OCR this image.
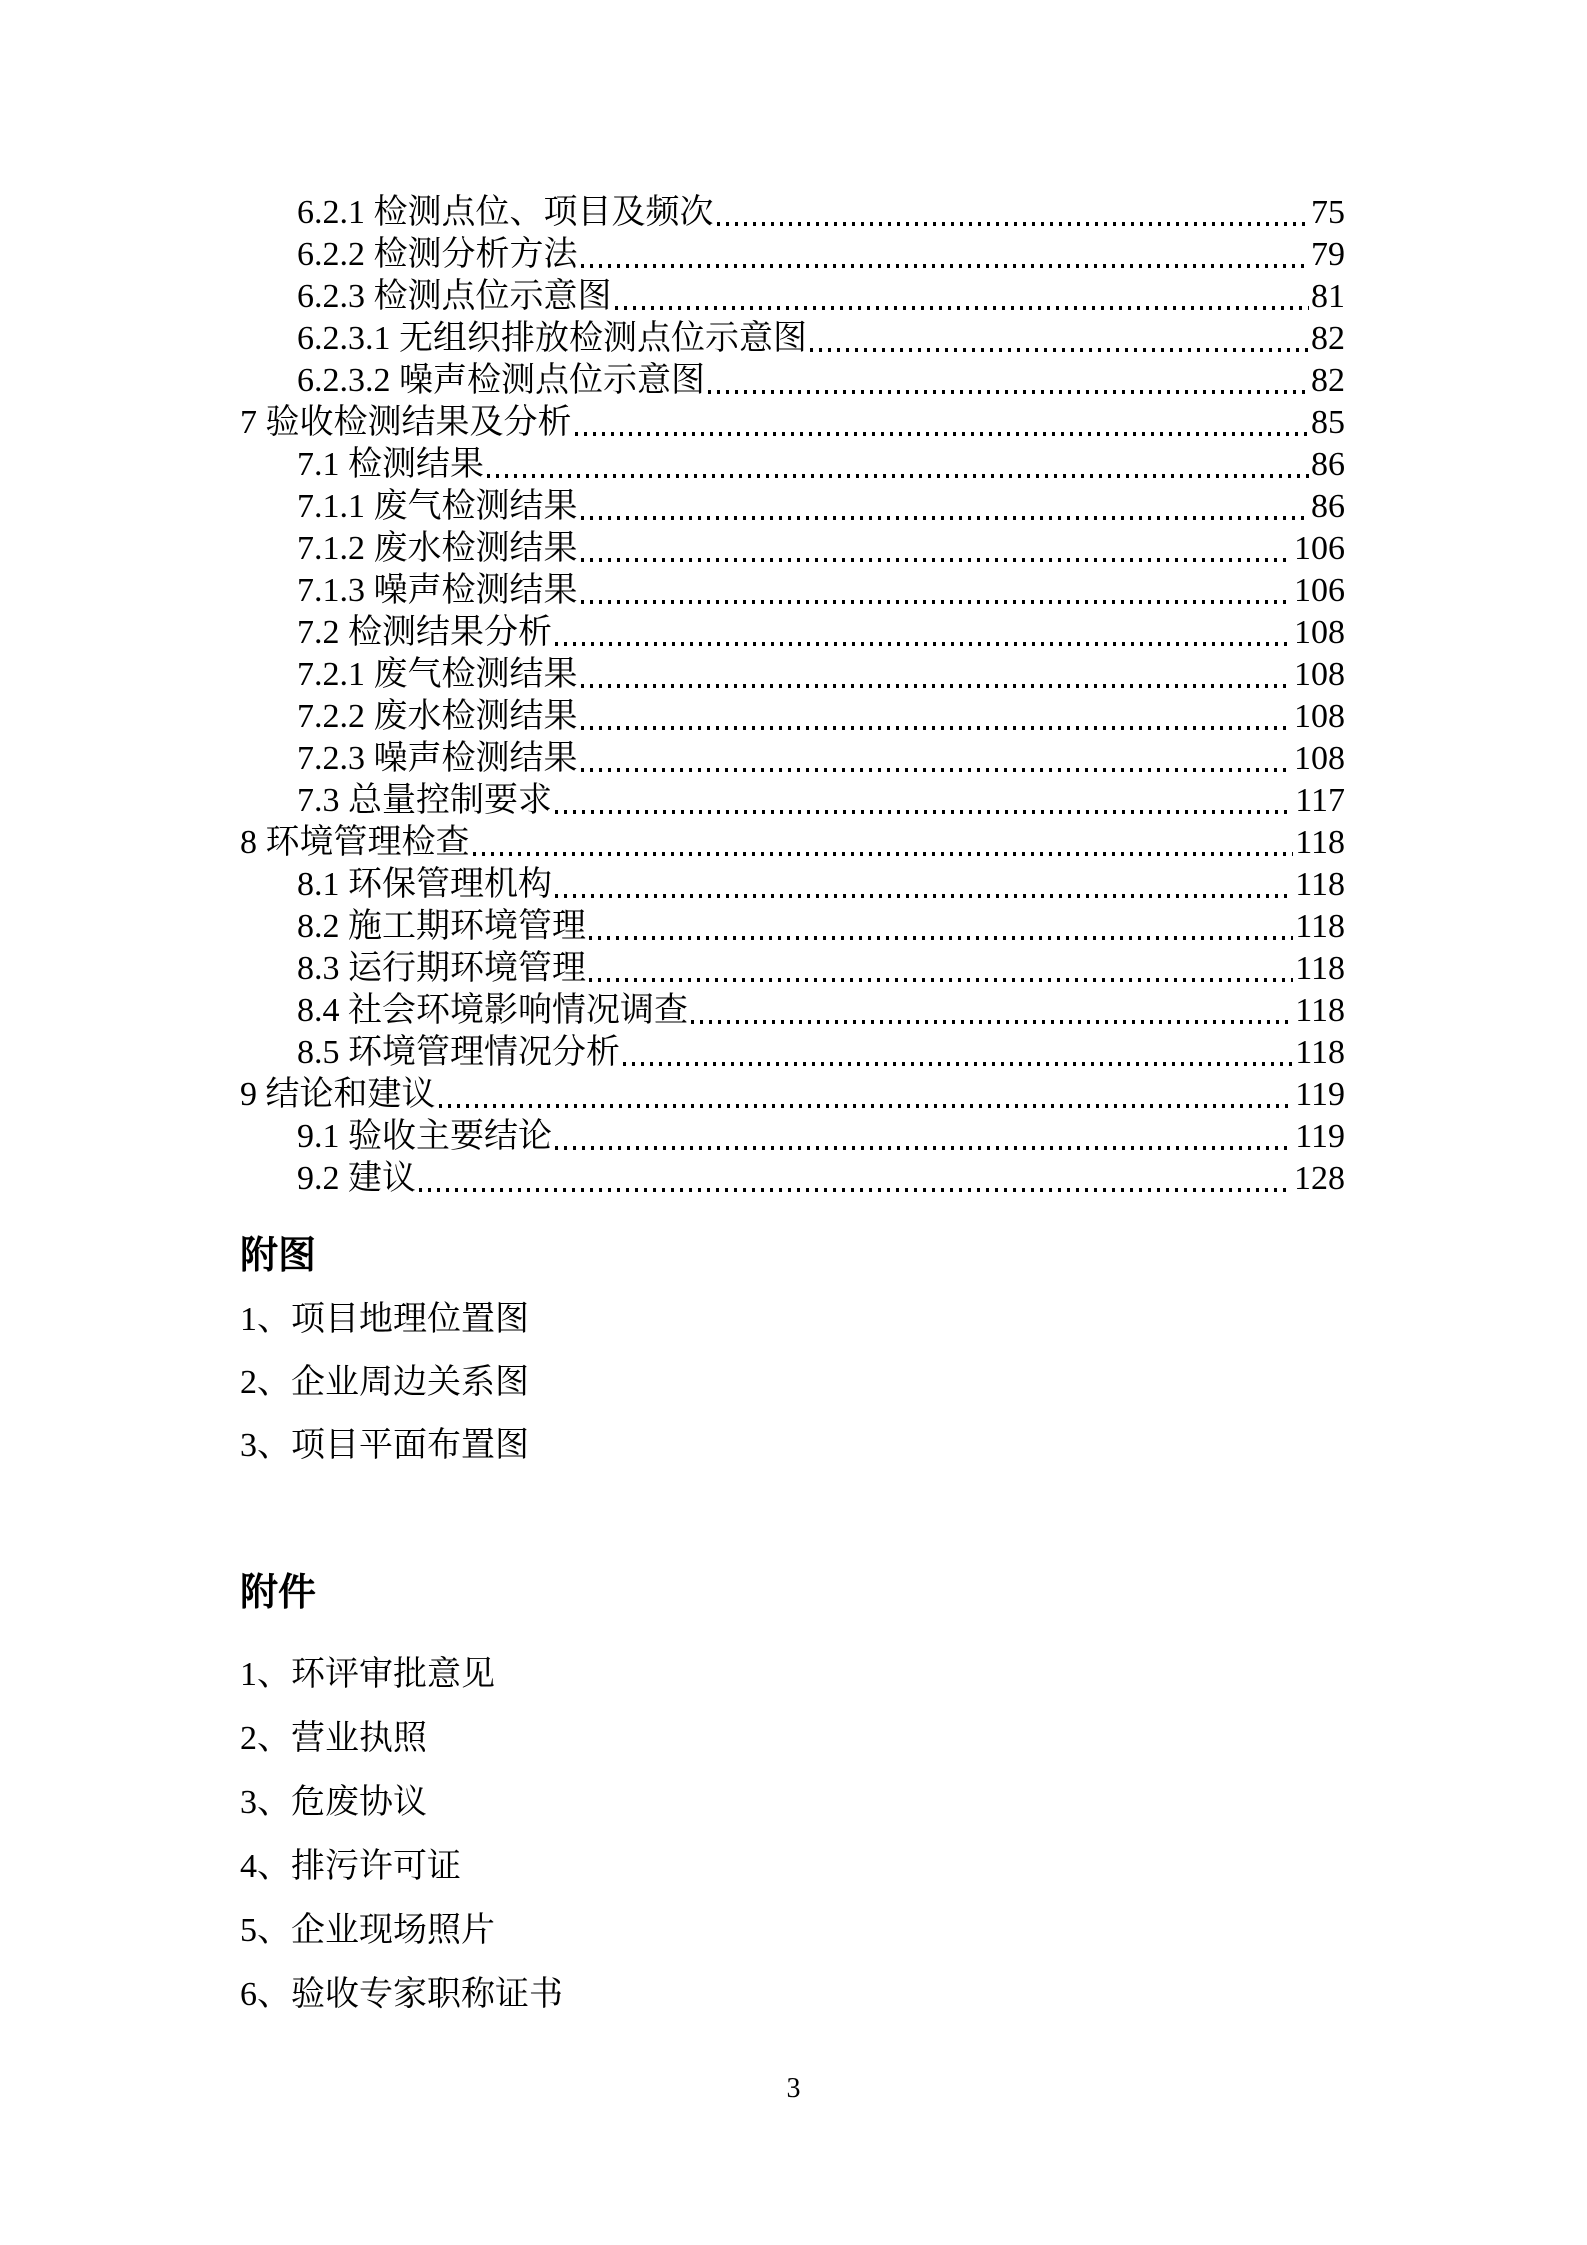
6.2.1 检测点位、项目及频次	75
6.2.2 检测分析方法	79
6.2.3 检测点位示意图	81
6.2.3.1 无组织排放检测点位示意图	82
6.2.3.2 噪声检测点位示意图	82
7 验收检测结果及分析	85
7.1 检测结果	86
7.1.1 废气检测结果	86
7.1.2 废水检测结果	106
7.1.3 噪声检测结果	106
7.2 检测结果分析	108
7.2.1 废气检测结果	108
7.2.2 废水检测结果	108
7.2.3 噪声检测结果	108
7.3 总量控制要求	117
8 环境管理检查	118
8.1 环保管理机构	118
8.2 施工期环境管理	118
8.3 运行期环境管理	118
8.4 社会环境影响情况调查	118
8.5 环境管理情况分析	118
9 结论和建议	119
9.1 验收主要结论	119
9.2 建议	128
附图
1、项目地理位置图
2、企业周边关系图
3、项目平面布置图
附件
1、环评审批意见
2、营业执照
3、危废协议
4、排污许可证
5、企业现场照片
6、验收专家职称证书
3
